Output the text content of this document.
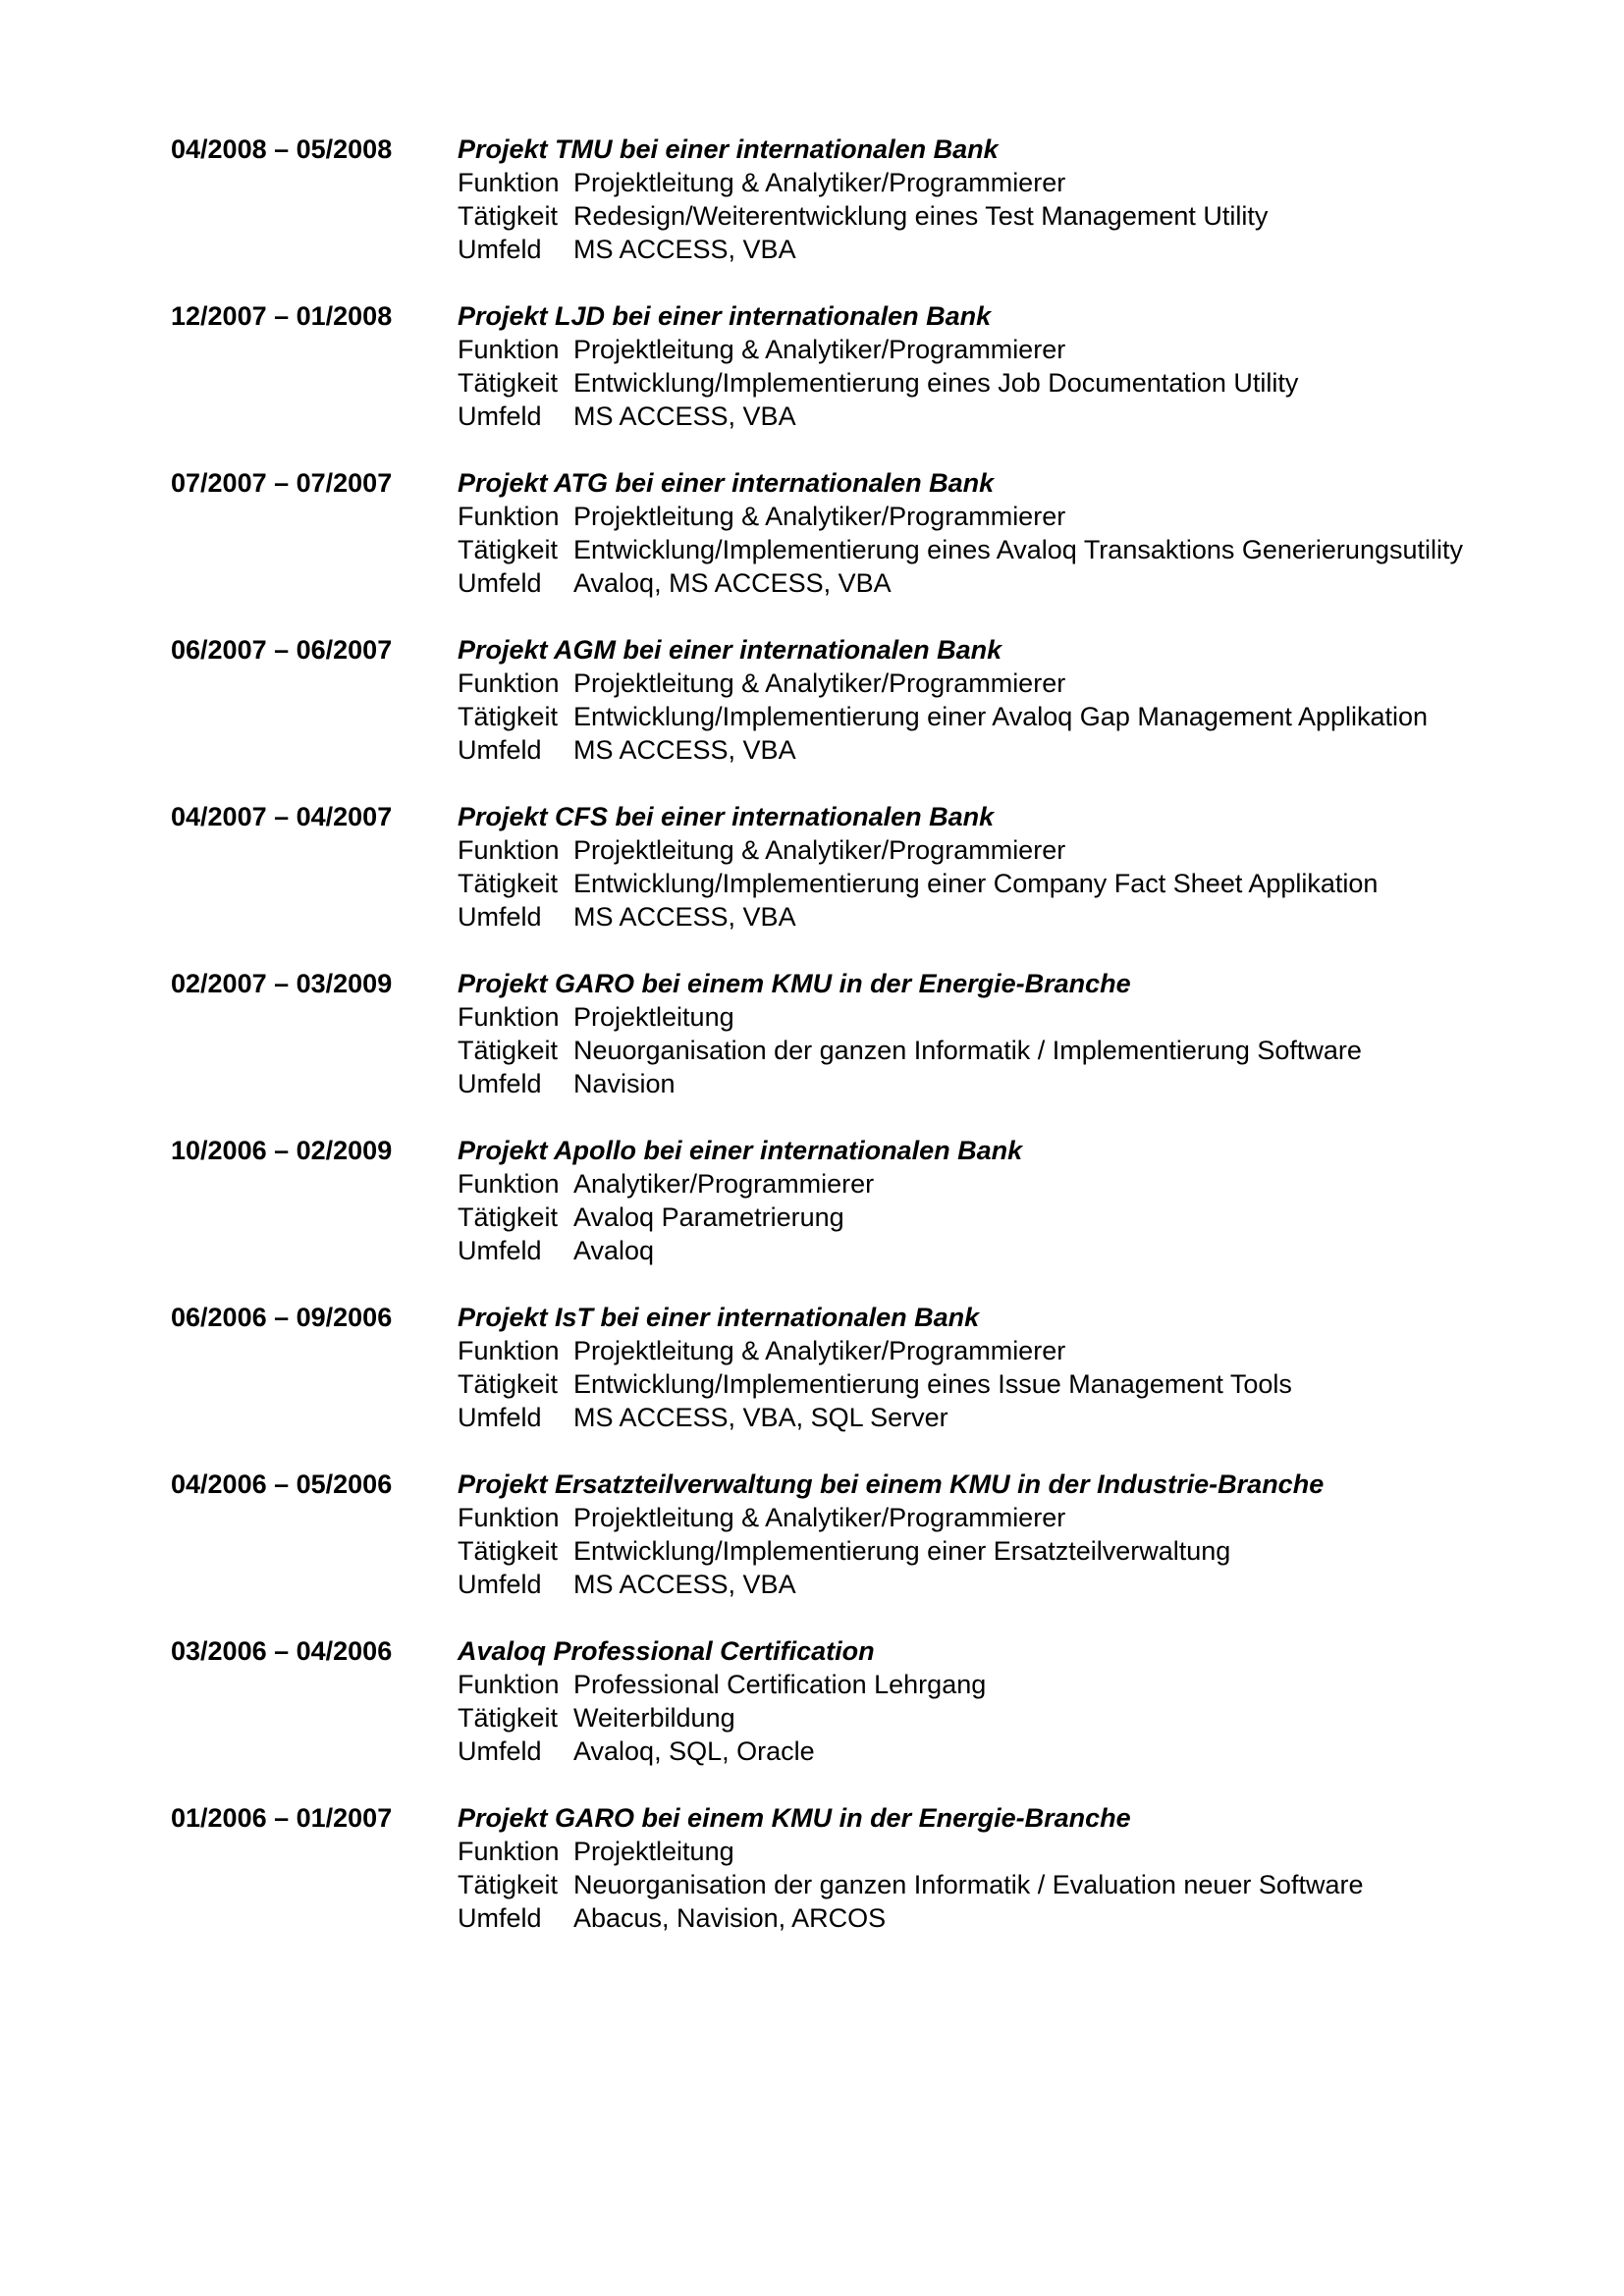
04/2008 – 05/2008	Projekt TMU bei einer internationalen Bank
Funktion Projektleitung & Analytiker/Programmierer
Tätigkeit Redesign/Weiterentwicklung eines Test Management Utility
Umfeld	MS ACCESS, VBA
12/2007 – 01/2008	Projekt LJD bei einer internationalen Bank
Funktion Projektleitung & Analytiker/Programmierer
Tätigkeit Entwicklung/Implementierung eines Job Documentation Utility
Umfeld	MS ACCESS, VBA
07/2007 – 07/2007	Projekt ATG bei einer internationalen Bank
Funktion Projektleitung & Analytiker/Programmierer
Tätigkeit Entwicklung/Implementierung eines Avaloq Transaktions Generierungsutility
Umfeld	Avaloq, MS ACCESS, VBA
06/2007 – 06/2007	Projekt AGM bei einer internationalen Bank
Funktion Projektleitung & Analytiker/Programmierer
Tätigkeit Entwicklung/Implementierung einer Avaloq Gap Management Applikation
Umfeld	MS ACCESS, VBA
04/2007 – 04/2007	Projekt CFS bei einer internationalen Bank
Funktion Projektleitung & Analytiker/Programmierer
Tätigkeit Entwicklung/Implementierung einer Company Fact Sheet Applikation
Umfeld	MS ACCESS, VBA
02/2007 – 03/2009	Projekt GARO bei einem KMU in der Energie-Branche
Funktion Projektleitung
Tätigkeit Neuorganisation der ganzen Informatik / Implementierung Software
Umfeld	Navision
10/2006 – 02/2009	Projekt Apollo bei einer internationalen Bank
Funktion Analytiker/Programmierer
Tätigkeit Avaloq Parametrierung
Umfeld	Avaloq
06/2006 – 09/2006	Projekt IsT bei einer internationalen Bank
Funktion Projektleitung & Analytiker/Programmierer
Tätigkeit Entwicklung/Implementierung eines Issue Management Tools
Umfeld	MS ACCESS, VBA, SQL Server
04/2006 – 05/2006	Projekt Ersatzteilverwaltung bei einem KMU in der Industrie-Branche
Funktion Projektleitung & Analytiker/Programmierer
Tätigkeit Entwicklung/Implementierung einer Ersatzteilverwaltung
Umfeld	MS ACCESS, VBA
03/2006 – 04/2006	Avaloq Professional Certification
Funktion Professional Certification Lehrgang
Tätigkeit Weiterbildung
Umfeld	Avaloq, SQL, Oracle
01/2006 – 01/2007	Projekt GARO bei einem KMU in der Energie-Branche
Funktion Projektleitung
Tätigkeit Neuorganisation der ganzen Informatik / Evaluation neuer Software
Umfeld	Abacus, Navision, ARCOS
